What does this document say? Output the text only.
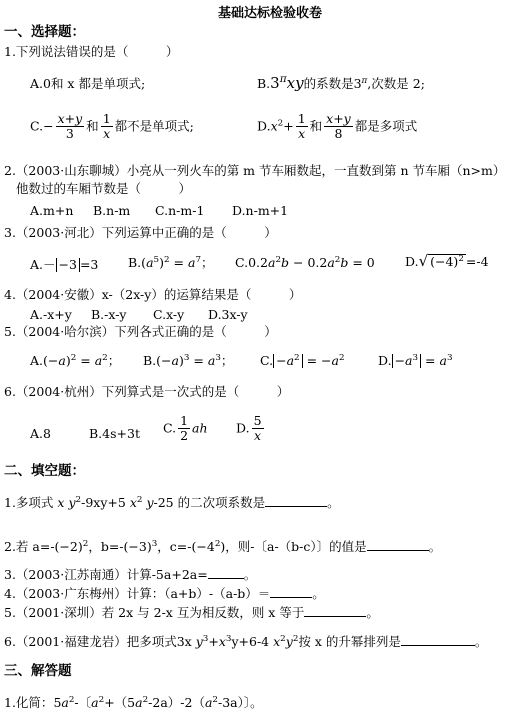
基础达标检验收卷
一、选择题：
1.下列说法错误的是（　　　）
A.0和 x 都是单项式;	$B.3^\pi xy$的系数是$3^\pi$,次数是 2;
$C.- \frac{x+y}{3}$ 和 $\frac{1}{x}$ 都不是单项式;	$D.x^2+ \frac{1}{x}$ 和 $\frac{x+y}{8}$ 都是多项式
2.（2003·山东聊城）小亮从一列火车的第 m 节车厢数起，一直数到第 n 节车厢（n>m）
他数过的车厢节数是（　　　）
A.m+n B.n-m C.n-m-1 D.n-m+1
3.（2003·河北）下列运算中正确的是（　　　）
A.－ −3 =3 $B.(a^5)^2 = a^7$； $C.0.2a^2b - 0.2a^2b = 0$ D.√ $(-4)^2 =-4$
4.（2004·安徽）x-（2x-y）的运算结果是（　　　）
A.-x+y B.-x-y C.x-y D.3x-y
5.（2004·哈尔滨）下列各式正确的是（　　　）
$A.(-a)^2 = a^2$； $B.(-a)^3 = a^3$； C. $-a^2 = -a^2$	D. $-a^3 = a^3$
6.（2004·杭州）下列算式是一次式的是（　　　）
A.8	B.4s+3t C. $\frac{1}{2}$ ah D. $\frac{5}{x}$
二、填空题：
1.多项式 x $y^2-9xy+5$ $x^2$ y-25 的二次项系数是	。
2.若 $a=-(-2)^2$，$b=-(-3)^3$，$c=-(-4^2)$，则-〔a-（b-c）〕的值是	。
3.（2003·江苏南通）计算-5a+2a=	。
4.（2003·广东梅州）计算：（a+b）-（a-b）＝	。
5.（2001·深圳）若 2x 与 2-x 互为相反数，则 x 等于	。
6.（2001·福建龙岩）把多项式3x $y^3+x^3y+6-4$ $x^2y^2$按 x 的升幂排列是	。
三、解答题
1.化简：$5a^2-$〔$a^2+(5a^2-2a)-2(a^2-3a)$〕。
